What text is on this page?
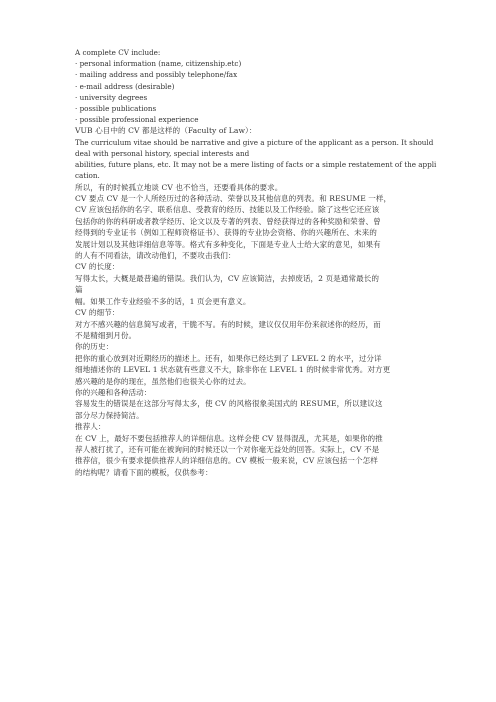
A complete CV include:
· personal information (name, citizenship.etc)
· mailing address and possibly telephone/fax
· e-mail address (desirable)
· university degrees
· possible publications
· possible professional experience
VUB 心目中的 CV 都是这样的（Faculty of Law）：
The curriculum vitae should be narrative and give a picture of the applicant as a person. It should
deal with personal history, special interests and
abilities, future plans, etc. It may not be a mere listing of facts or a simple restatement of the appli
cation.
所以，有的时候孤立地谈 CV 也不恰当，还要看具体的要求。
CV 要点 CV 是一个人所经历过的各种活动、荣誉以及其他信息的列表。和 RESUME 一样，
CV 应该包括你的名字、联系信息、受教育的经历、技能以及工作经验。除了这些它还应该
包括你的你的科研或者教学经历、论文以及专著的列表、曾经获得过的各种奖励和荣誉、曾
经得到的专业证书（例如工程师资格证书）、获得的专业协会资格、你的兴趣所在、未来的
发展计划以及其他详细信息等等。格式有多种变化，下面是专业人士给大家的意见，如果有
的人有不同看法，请改动他们，不要攻击我们：
CV 的长度：
写得太长，大概是最普遍的错误。我们认为，CV 应该简洁，去掉废话，2 页是通常最长的
篇
幅。如果工作专业经验不多的话，1 页会更有意义。
CV 的细节：
对方不感兴趣的信息简写或者，干脆不写。有的时候，建议仅仅用年份来叙述你的经历，而
不是精细到月份。
你的历史：
把你的重心放到对近期经历的描述上。还有，如果你已经达到了 LEVEL 2 的水平，过分详
细地描述你的 LEVEL 1 状态就有些意义不大，除非你在 LEVEL 1 的时候非常优秀。对方更
感兴趣的是你的现在，虽然他们也很关心你的过去。
你的兴趣和各种活动：
容易发生的错误是在这部分写得太多，使 CV 的风格很象美国式的 RESUME，所以建议这
部分尽力保持简洁。
推荐人：
在 CV 上，最好不要包括推荐人的详细信息。这样会使 CV 显得混乱，尤其是，如果你的推
荐人被打扰了，还有可能在被询问的时候还以一个对你毫无益处的回答。实际上，CV 不是
推荐信，很少有要求提供推荐人的详细信息的。CV 模板一般来说，CV 应该包括一个怎样
的结构呢？请看下面的模板，仅供参考：
